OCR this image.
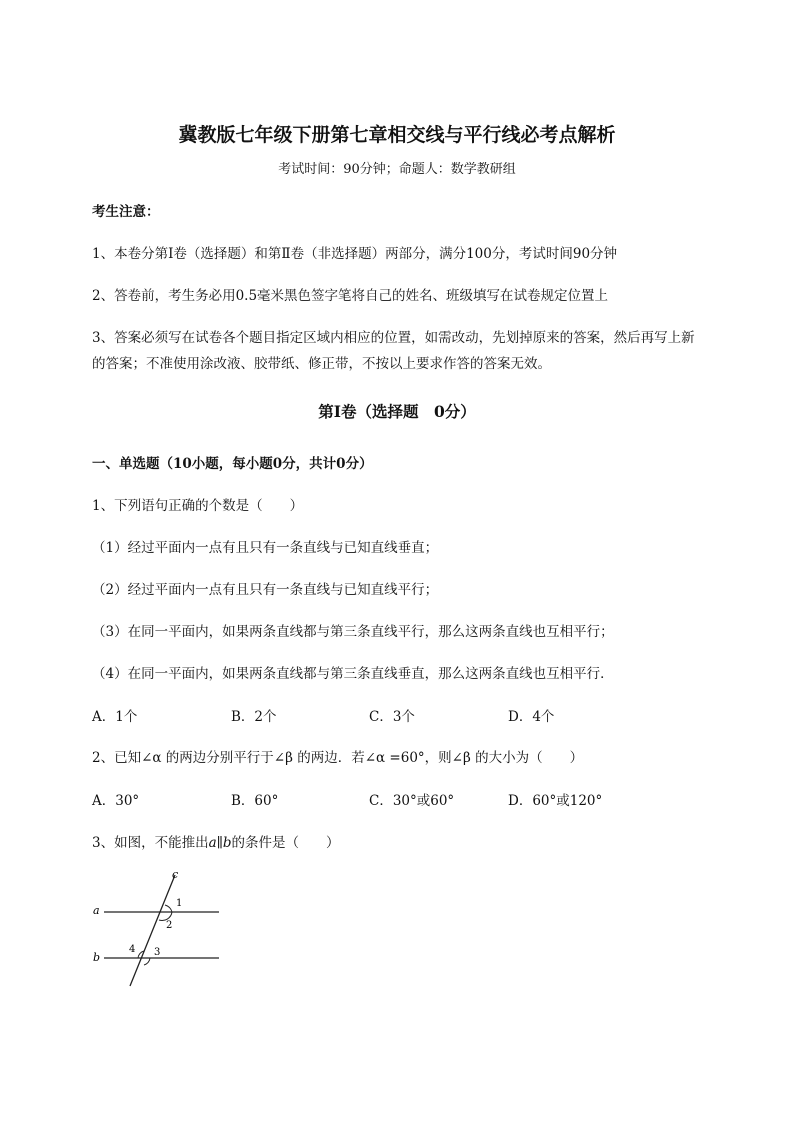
冀教版七年级下册第七章相交线与平行线必考点解析
考试时间：90分钟；命题人：数学教研组
考生注意：
1、本卷分第I卷（选择题）和第Ⅱ卷（非选择题）两部分，满分100分，考试时间90分钟
2、答卷前，考生务必用0.5毫米黑色签字笔将自己的姓名、班级填写在试卷规定位置上
3、答案必须写在试卷各个题目指定区域内相应的位置，如需改动，先划掉原来的答案，然后再写上新
的答案；不准使用涂改液、胶带纸、修正带，不按以上要求作答的答案无效。
第I卷（选择题　0分）
一、单选题（10小题，每小题0分，共计0分）
1、下列语句正确的个数是（　　）
（1）经过平面内一点有且只有一条直线与已知直线垂直；
（2）经过平面内一点有且只有一条直线与已知直线平行；
（3）在同一平面内，如果两条直线都与第三条直线平行，那么这两条直线也互相平行；
（4）在同一平面内，如果两条直线都与第三条直线垂直，那么这两条直线也互相平行．
A．1个	B．2个	C．3个	D．4个
2、已知∠α 的两边分别平行于∠β 的两边．若∠α =60°，则∠β 的大小为（　　）
A．30°	B．60°	C．30°或60°	D．60°或120°
3、如图，不能推出a∥b的条件是（　　）
a
b
c
1
2
3
4
